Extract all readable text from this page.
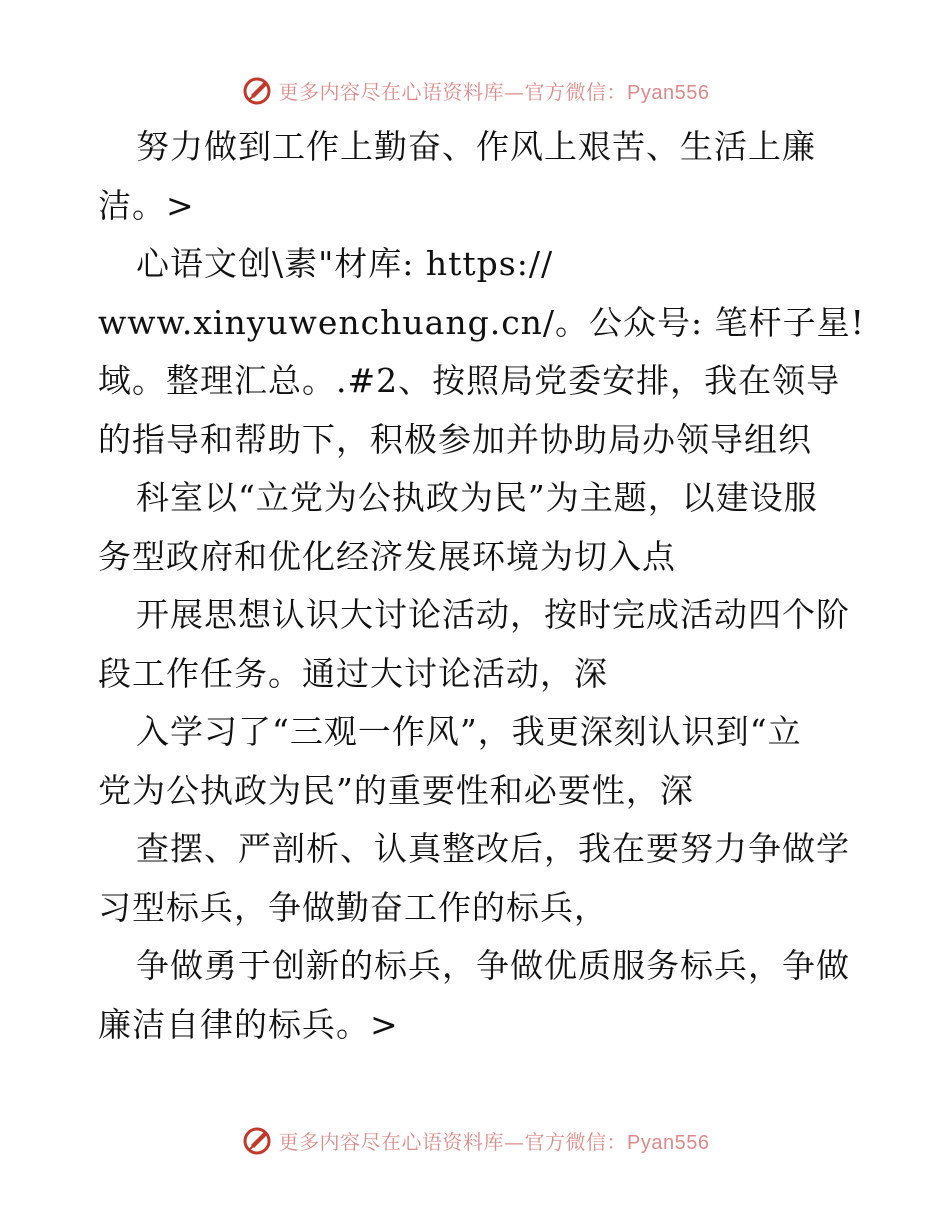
更多内容尽在心语资料库—官方微信：Pyan556
努力做到工作上勤奋、作风上艰苦、生活上廉
洁。>
心语文创\素"材库: https://
www.xinyuwenchuang.cn/。公众号: 笔杆子星!
域。整理汇总。.#2、按照局党委安排，我在领导
的指导和帮助下，积极参加并协助局办领导组织
科室以“立党为公执政为民”为主题，以建设服
务型政府和优化经济发展环境为切入点
开展思想认识大讨论活动，按时完成活动四个阶
段工作任务。通过大讨论活动，深
入学习了“三观一作风”，我更深刻认识到“立
党为公执政为民”的重要性和必要性，深
查摆、严剖析、认真整改后，我在要努力争做学
习型标兵，争做勤奋工作的标兵，
争做勇于创新的标兵，争做优质服务标兵，争做
廉洁自律的标兵。>
更多内容尽在心语资料库—官方微信：Pyan556
